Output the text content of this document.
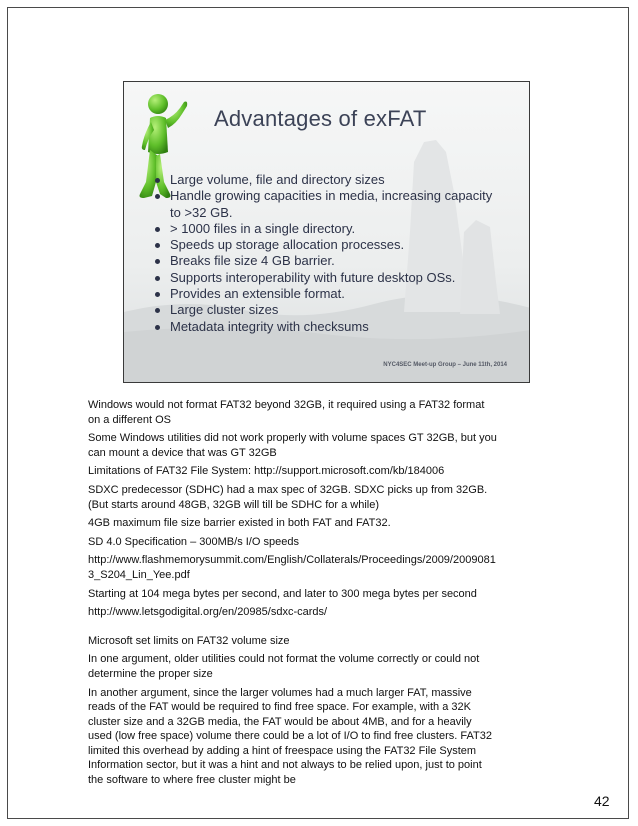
Advantages of exFAT
Large volume, file and directory sizes
Handle growing capacities in media, increasing capacity
to >32 GB.
> 1000 files in a single directory.
Speeds up storage allocation processes.
Breaks file size 4 GB barrier.
Supports interoperability with future desktop OSs.
Provides an extensible format.
Large cluster sizes
Metadata integrity with checksums
NYC4SEC Meet-up Group – June 11th, 2014
Windows would not format FAT32 beyond 32GB, it required using a FAT32 format
on a different OS
Some Windows utilities did not work properly with volume spaces GT 32GB, but you
can mount a device that was GT 32GB
Limitations of FAT32 File System: http://support.microsoft.com/kb/184006
SDXC predecessor (SDHC) had a max spec of 32GB. SDXC picks up from 32GB.
(But starts around 48GB, 32GB will till be SDHC for a while)
4GB maximum file size barrier existed in both FAT and FAT32.
SD 4.0 Specification – 300MB/s I/O speeds
http://www.flashmemorysummit.com/English/Collaterals/Proceedings/2009/2009081
3_S204_Lin_Yee.pdf
Starting at 104 mega bytes per second, and later to 300 mega bytes per second
http://www.letsgodigital.org/en/20985/sdxc-cards/
Microsoft set limits on FAT32 volume size
In one argument, older utilities could not format the volume correctly or could not
determine the proper size
In another argument, since the larger volumes had a much larger FAT, massive
reads of the FAT would be required to find free space. For example, with a 32K
cluster size and a 32GB media, the FAT would be about 4MB, and for a heavily
used (low free space) volume there could be a lot of I/O to find free clusters. FAT32
limited this overhead by adding a hint of freespace using the FAT32 File System
Information sector, but it was a hint and not always to be relied upon, just to point
the software to where free cluster might be
42
